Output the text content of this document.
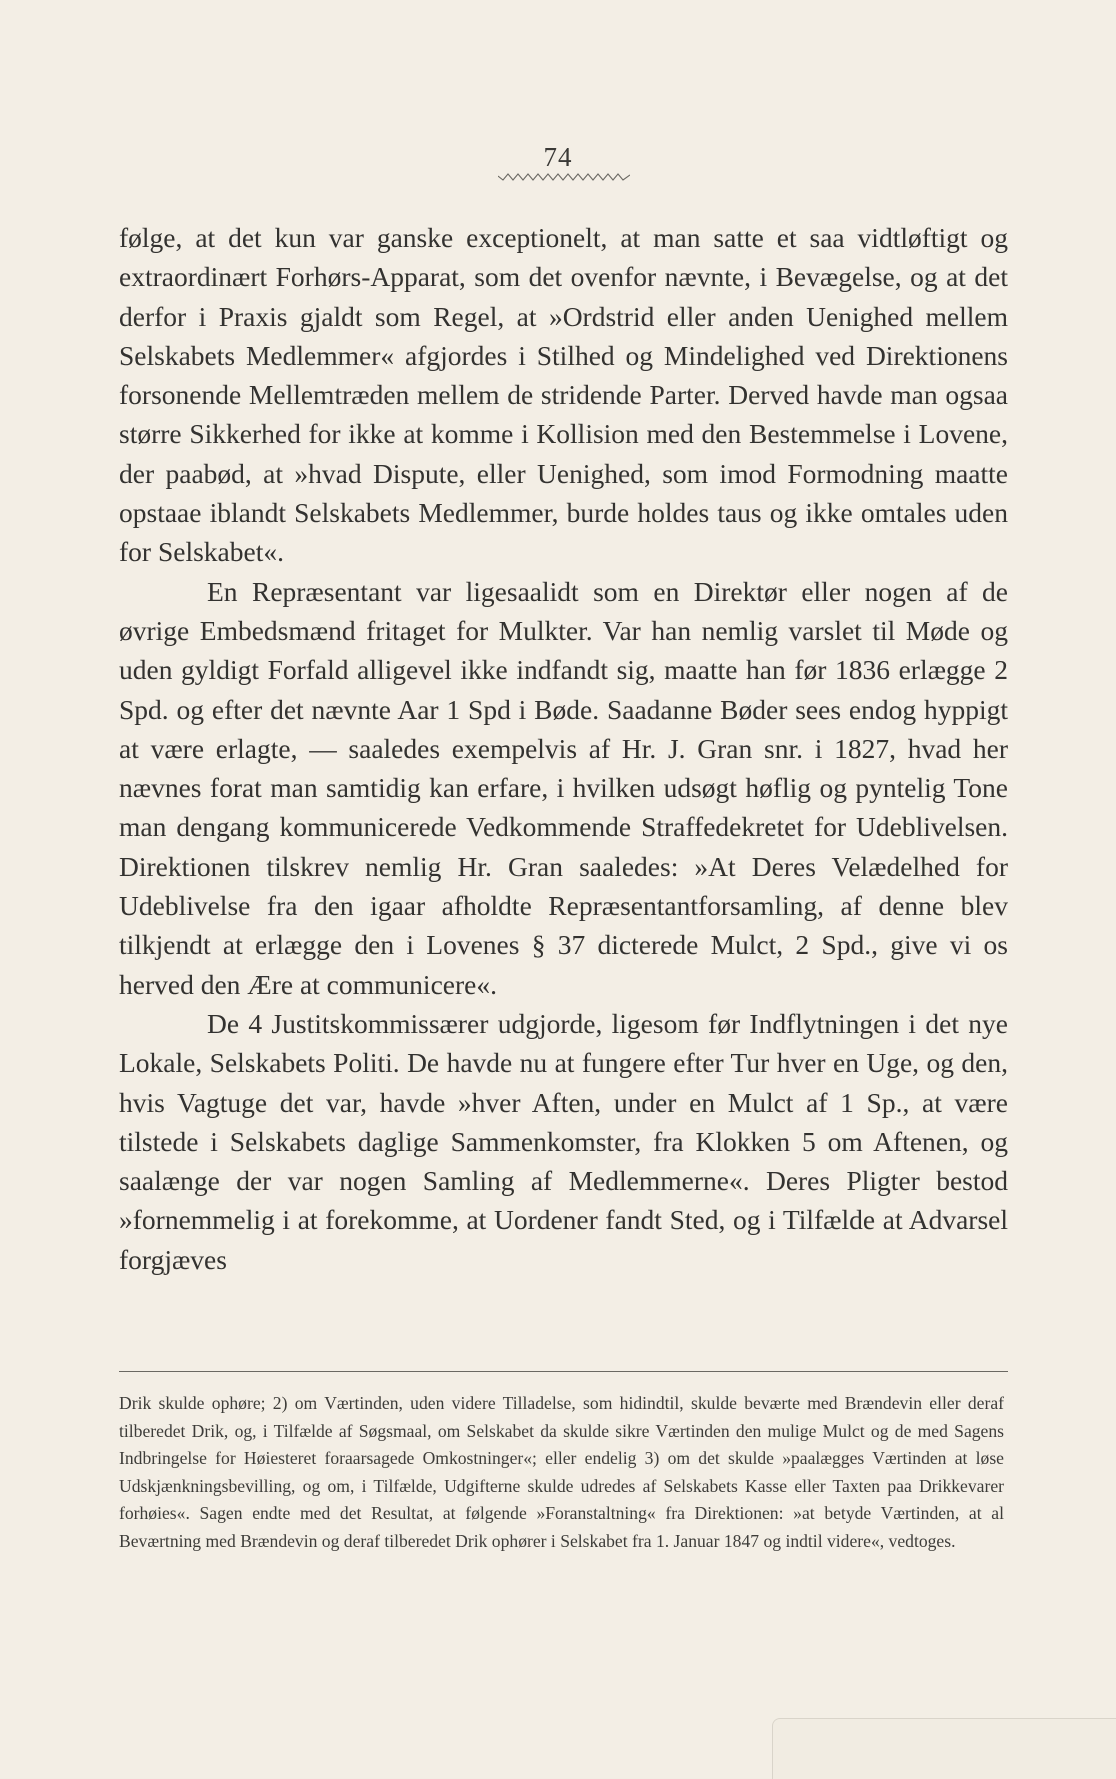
74

følge, at det kun var ganske exceptionelt, at man satte et saa vidtløftigt og extraordinært Forhørs-Apparat, som det ovenfor nævnte, i Bevægelse, og at det derfor i Praxis gjaldt som Regel, at »Ordstrid eller anden Uenighed mellem Selskabets Medlemmer« afgjordes i Stilhed og Mindelighed ved Direktionens forsonende Mellemtræden mellem de stridende Parter. Derved havde man ogsaa større Sikkerhed for ikke at komme i Kollision med den Bestemmelse i Lovene, der paabød, at »hvad Dispute, eller Uenighed, som imod Formodning maatte opstaae iblandt Selskabets Medlemmer, burde holdes taus og ikke omtales uden for Selskabet«.

En Repræsentant var ligesaalidt som en Direktør eller nogen af de øvrige Embedsmænd fritaget for Mulkter. Var han nemlig varslet til Møde og uden gyldigt Forfald alligevel ikke indfandt sig, maatte han før 1836 erlægge 2 Spd. og efter det nævnte Aar 1 Spd i Bøde. Saadanne Bøder sees endog hyppigt at være erlagte, — saaledes exempelvis af Hr. J. Gran snr. i 1827, hvad her nævnes forat man samtidig kan erfare, i hvilken udsøgt høflig og pyntelig Tone man dengang kommunicerede Vedkommende Straffedekretet for Udeblivelsen. Direktionen tilskrev nemlig Hr. Gran saaledes: »At Deres Velædelhed for Udeblivelse fra den igaar afholdte Repræsentantforsamling, af denne blev tilkjendt at erlægge den i Lovenes § 37 dicterede Mulct, 2 Spd., give vi os herved den Ære at communicere«.

De 4 Justitskommissærer udgjorde, ligesom før Indflytningen i det nye Lokale, Selskabets Politi. De havde nu at fungere efter Tur hver en Uge, og den, hvis Vagtuge det var, havde »hver Aften, under en Mulct af 1 Sp., at være tilstede i Selskabets daglige Sammenkomster, fra Klokken 5 om Aftenen, og saalænge der var nogen Samling af Medlemmerne«. Deres Pligter bestod »fornemmelig i at forekomme, at Uordener fandt Sted, og i Tilfælde at Advarsel forgjæves

Drik skulde ophøre; 2) om Værtinden, uden videre Tilladelse, som hidindtil, skulde beværte med Brændevin eller deraf tilberedet Drik, og, i Tilfælde af Søgsmaal, om Selskabet da skulde sikre Værtinden den mulige Mulct og de med Sagens Indbringelse for Høiesteret foraarsagede Omkostninger«; eller endelig 3) om det skulde »paalægges Værtinden at løse Udskjænkningsbevilling, og om, i Tilfælde, Udgifterne skulde udredes af Selskabets Kasse eller Taxten paa Drikkevarer forhøies«. Sagen endte med det Resultat, at følgende »Foranstaltning« fra Direktionen: »at betyde Værtinden, at al Beværtning med Brændevin og deraf tilberedet Drik ophører i Selskabet fra 1. Januar 1847 og indtil videre«, vedtoges.
